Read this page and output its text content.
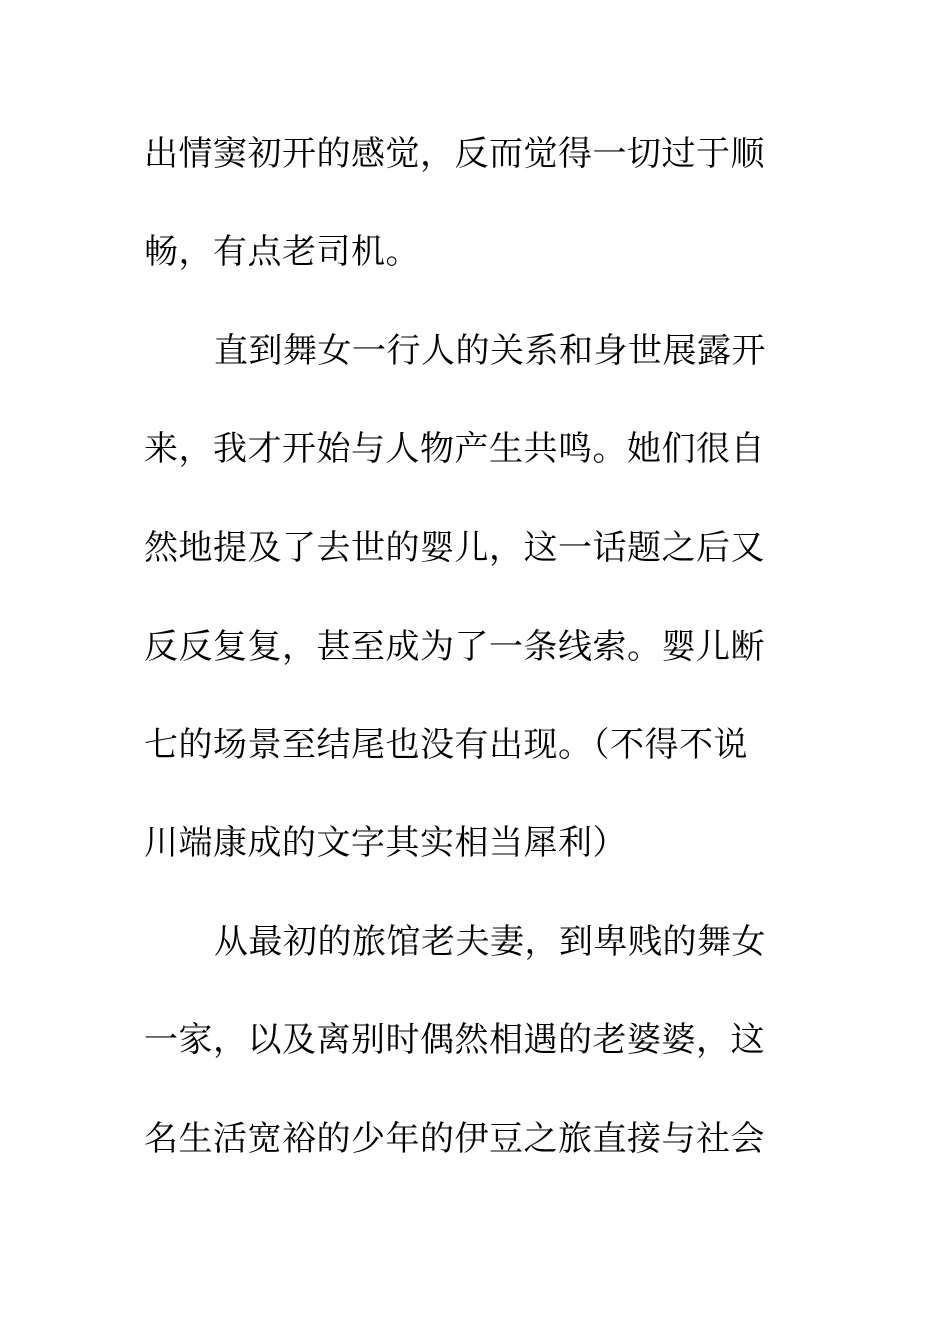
出情窦初开的感觉，反而觉得一切过于顺
畅，有点老司机。
直到舞女一行人的关系和身世展露开
来，我才开始与人物产生共鸣。她们很自
然地提及了去世的婴儿，这一话题之后又
反反复复，甚至成为了一条线索。婴儿断
七的场景至结尾也没有出现。（不得不说
川端康成的文字其实相当犀利）
从最初的旅馆老夫妻，到卑贱的舞女
一家，以及离别时偶然相遇的老婆婆，这
名生活宽裕的少年的伊豆之旅直接与社会
